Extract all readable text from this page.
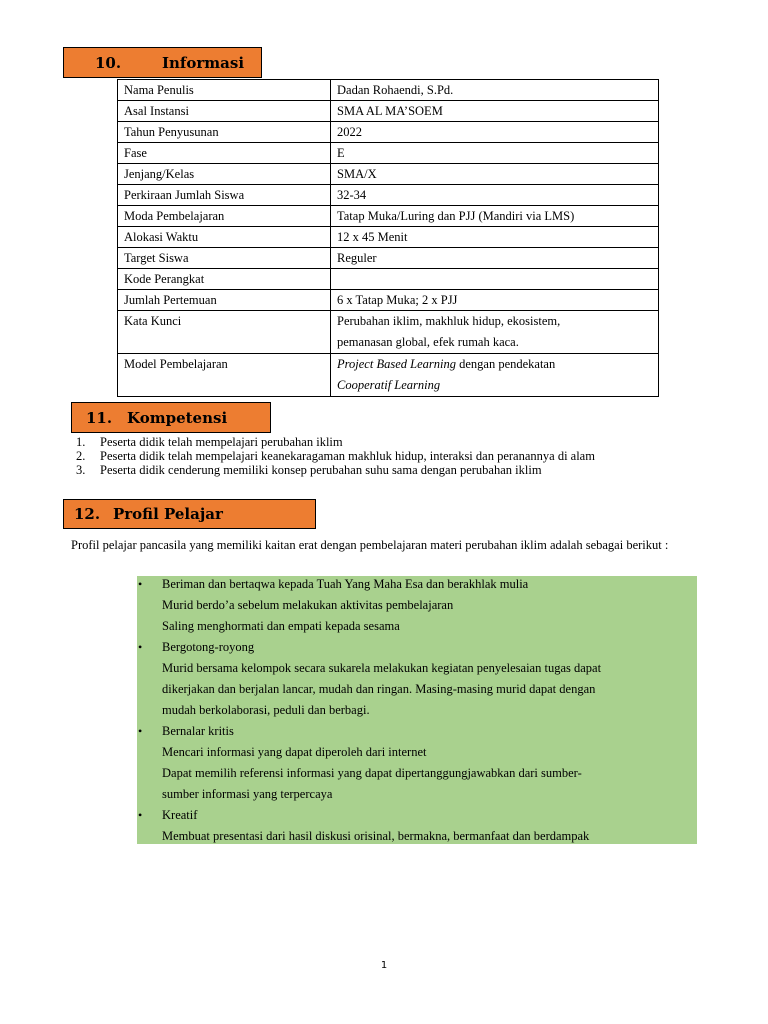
10.	Informasi
Nama Penulis	Dadan Rohaendi, S.Pd.
Asal Instansi	SMA AL MA’SOEM
Tahun Penyusunan	2022
Fase	E
Jenjang/Kelas	SMA/X
Perkiraan Jumlah Siswa	32-34
Moda Pembelajaran	Tatap Muka/Luring dan PJJ (Mandiri via LMS)
Alokasi Waktu	12 x 45 Menit
Target Siswa	Reguler
Kode Perangkat	
Jumlah Pertemuan	6 x Tatap Muka; 2 x PJJ
Kata Kunci	Perubahan iklim, makhluk hidup, ekosistem,
pemanasan global, efek rumah kaca.
Model Pembelajaran	Project Based Learning dengan pendekatan
Cooperatif Learning

11. Kompetensi
1.	Peserta didik telah mempelajari perubahan iklim
2.	Peserta didik telah mempelajari keanekaragaman makhluk hidup, interaksi dan peranannya di alam
3.	Peserta didik cenderung memiliki konsep perubahan suhu sama dengan perubahan iklim
12. Profil Pelajar
Profil pelajar pancasila yang memiliki kaitan erat dengan pembelajaran materi perubahan iklim adalah sebagai berikut :
•
•
•
•
Beriman dan bertaqwa kepada Tuah Yang Maha Esa dan berakhlak mulia
Murid berdo’a sebelum melakukan aktivitas pembelajaran
Saling menghormati dan empati kepada sesama
Bergotong-royong
Murid bersama kelompok secara sukarela melakukan kegiatan penyelesaian tugas dapat
dikerjakan dan berjalan lancar, mudah dan ringan. Masing-masing murid dapat dengan
mudah berkolaborasi, peduli dan berbagi.
Bernalar kritis
Mencari informasi yang dapat diperoleh dari internet
Dapat memilih referensi informasi yang dapat dipertanggungjawabkan dari sumber-
sumber informasi yang terpercaya
Kreatif
Membuat presentasi dari hasil diskusi orisinal, bermakna, bermanfaat dan berdampak
1
